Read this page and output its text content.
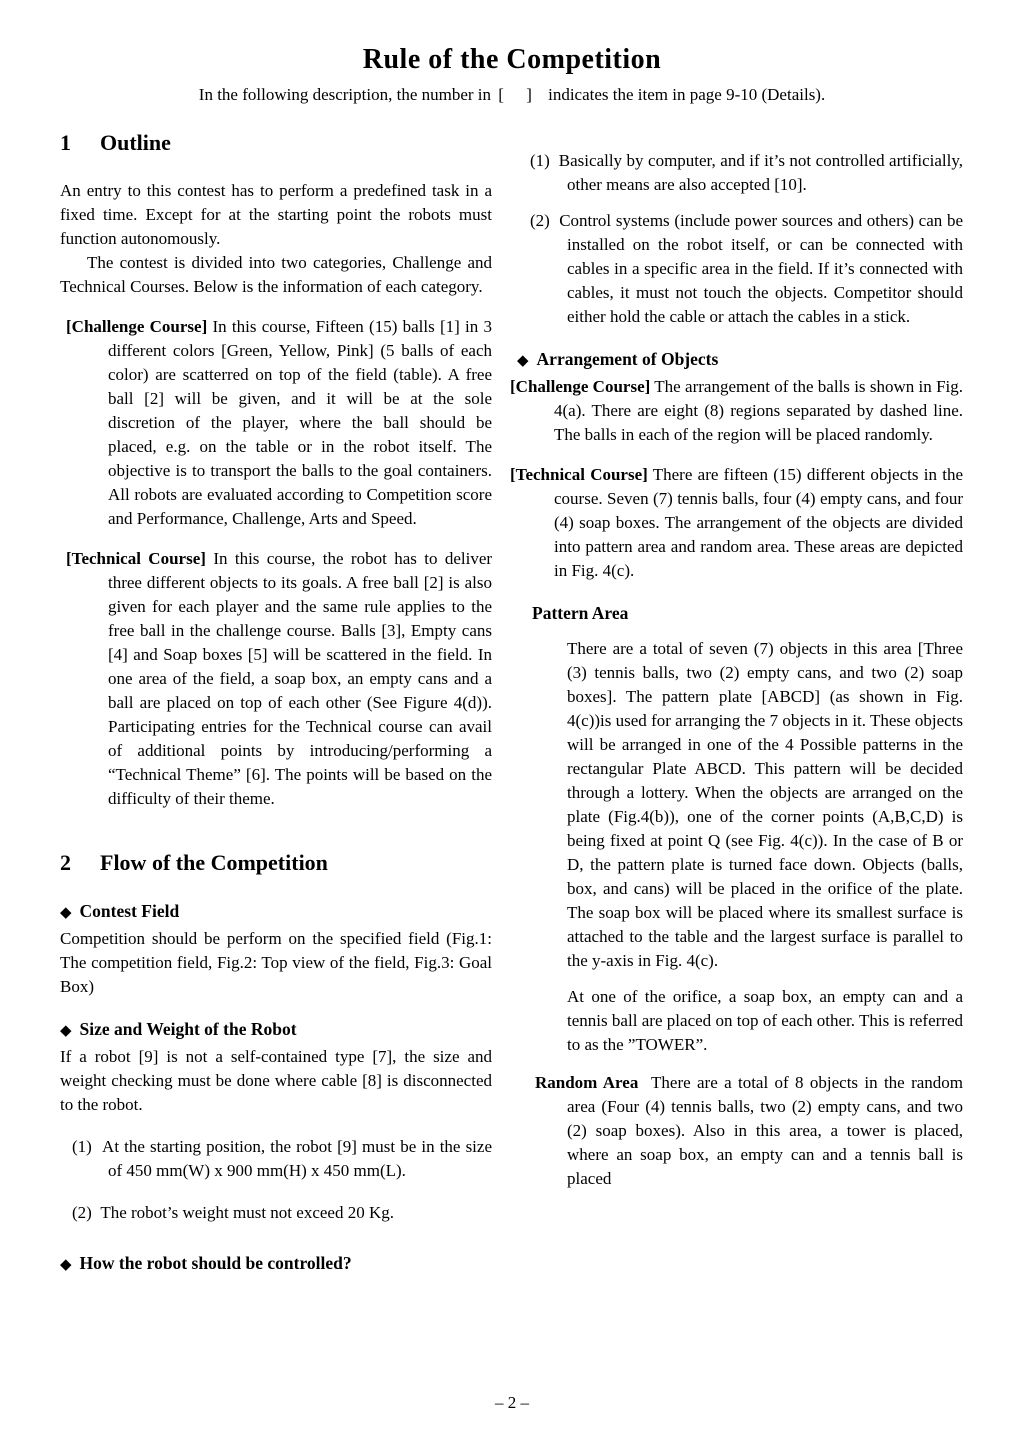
Rule of the Competition
In the following description, the number in [ ] indicates the item in page 9-10 (Details).
1 Outline

An entry to this contest has to perform a predefined task in a fixed time. Except for at the starting point the robots must function autonomously.

The contest is divided into two categories, Challenge and Technical Courses. Below is the information of each category.

[Challenge Course] In this course, Fifteen (15) balls [1] in 3 different colors [Green, Yellow, Pink] (5 balls of each color) are scatterred on top of the field (table). A free ball [2] will be given, and it will be at the sole discretion of the player, where the ball should be placed, e.g. on the table or in the robot itself. The objective is to transport the balls to the goal containers. All robots are evaluated according to Competition score and Performance, Challenge, Arts and Speed.

[Technical Course] In this course, the robot has to deliver three different objects to its goals. A free ball [2] is also given for each player and the same rule applies to the free ball in the challenge course. Balls [3], Empty cans [4] and Soap boxes [5] will be scattered in the field. In one area of the field, a soap box, an empty cans and a ball are placed on top of each other (See Figure 4(d)). Participating entries for the Technical course can avail of additional points by introducing/performing a “Technical Theme” [6]. The points will be based on the difficulty of their theme.

2 Flow of the Competition

◆ Contest Field

Competition should be perform on the specified field (Fig.1: The competition field, Fig.2: Top view of the field, Fig.3: Goal Box)

◆ Size and Weight of the Robot

If a robot [9] is not a self-contained type [7], the size and weight checking must be done where cable [8] is disconnected to the robot.

(1) At the starting position, the robot [9] must be in the size of 450 mm(W) x 900 mm(H) x 450 mm(L).

(2) The robot’s weight must not exceed 20 Kg.

◆ How the robot should be controlled?

(1) Basically by computer, and if it’s not controlled artificially, other means are also accepted [10].

(2) Control systems (include power sources and others) can be installed on the robot itself, or can be connected with cables in a specific area in the field. If it’s connected with cables, it must not touch the objects. Competitor should either hold the cable or attach the cables in a stick.

◆ Arrangement of Objects

[Challenge Course] The arrangement of the balls is shown in Fig. 4(a). There are eight (8) regions separated by dashed line. The balls in each of the region will be placed randomly.

[Technical Course] There are fifteen (15) different objects in the course. Seven (7) tennis balls, four (4) empty cans, and four (4) soap boxes. The arrangement of the objects are divided into pattern area and random area. These areas are depicted in Fig. 4(c).

Pattern Area

There are a total of seven (7) objects in this area [Three (3) tennis balls, two (2) empty cans, and two (2) soap boxes]. The pattern plate [ABCD] (as shown in Fig. 4(c))is used for arranging the 7 objects in it. These objects will be arranged in one of the 4 Possible patterns in the rectangular Plate ABCD. This pattern will be decided through a lottery. When the objects are arranged on the plate (Fig.4(b)), one of the corner points (A,B,C,D) is being fixed at point Q (see Fig. 4(c)). In the case of B or D, the pattern plate is turned face down. Objects (balls, box, and cans) will be placed in the orifice of the plate. The soap box will be placed where its smallest surface is attached to the table and the largest surface is parallel to the y-axis in Fig. 4(c).

At one of the orifice, a soap box, an empty can and a tennis ball are placed on top of each other. This is referred to as the ”TOWER”.

Random Area There are a total of 8 objects in the random area (Four (4) tennis balls, two (2) empty cans, and two (2) soap boxes). Also in this area, a tower is placed, where an soap box, an empty can and a tennis ball is placed

– 2 –
